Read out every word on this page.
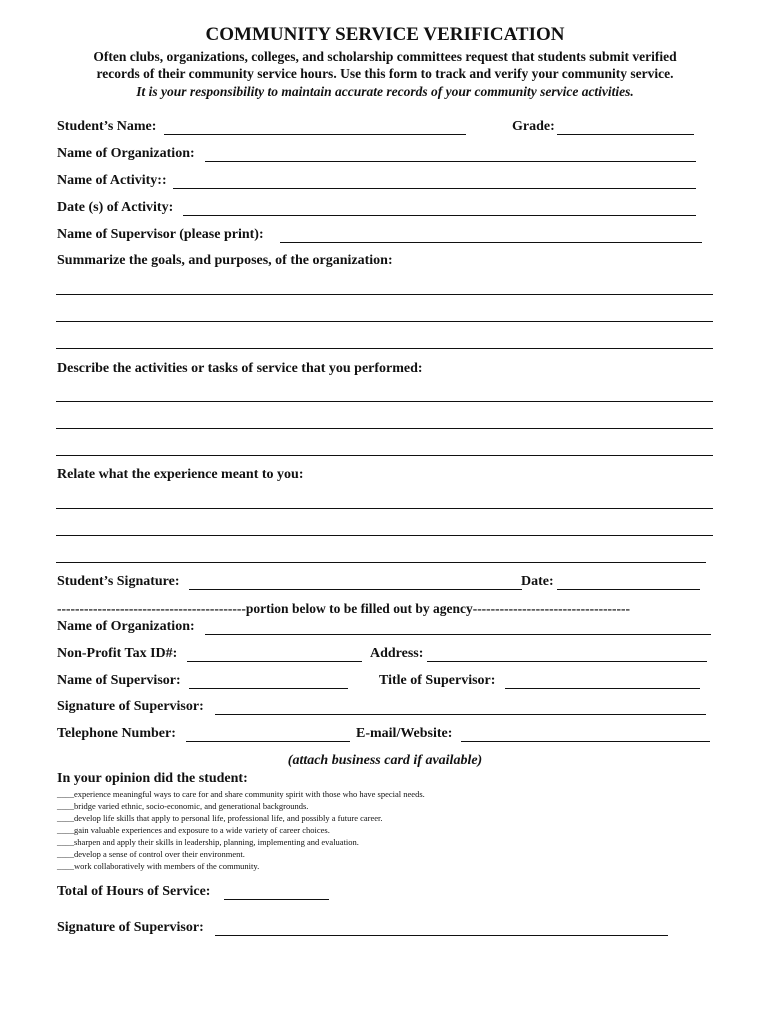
COMMUNITY SERVICE VERIFICATION
Often clubs, organizations, colleges, and scholarship committees request that students submit verified
records of their community service hours. Use this form to track and verify your community service.
It is your responsibility to maintain accurate records of your community service activities.
Student’s Name:	Grade:
Name of Organization:
Name of Activity::
Date (s) of Activity:
Name of Supervisor (please print):
Summarize the goals, and purposes, of the organization:
Describe the activities or tasks of service that you performed:
Relate what the experience meant to you:
Student’s Signature:	Date:
------------------------------------------portion below to be filled out by agency-----------------------------------
Name of Organization:
Non-Profit Tax ID#:	Address:
Name of Supervisor:	Title of Supervisor:
Signature of Supervisor:
Telephone Number:	E-mail/Website:
(attach business card if available)
In your opinion did the student:
____experience meaningful ways to care for and share community spirit with those who have special needs.
____bridge varied ethnic, socio-economic, and generational backgrounds.
____develop life skills that apply to personal life, professional life, and possibly a future career.
____gain valuable experiences and exposure to a wide variety of career choices.
____sharpen and apply their skills in leadership, planning, implementing and evaluation.
____develop a sense of control over their environment.
____work collaboratively with members of the community.
Total of Hours of Service:
Signature of Supervisor:
